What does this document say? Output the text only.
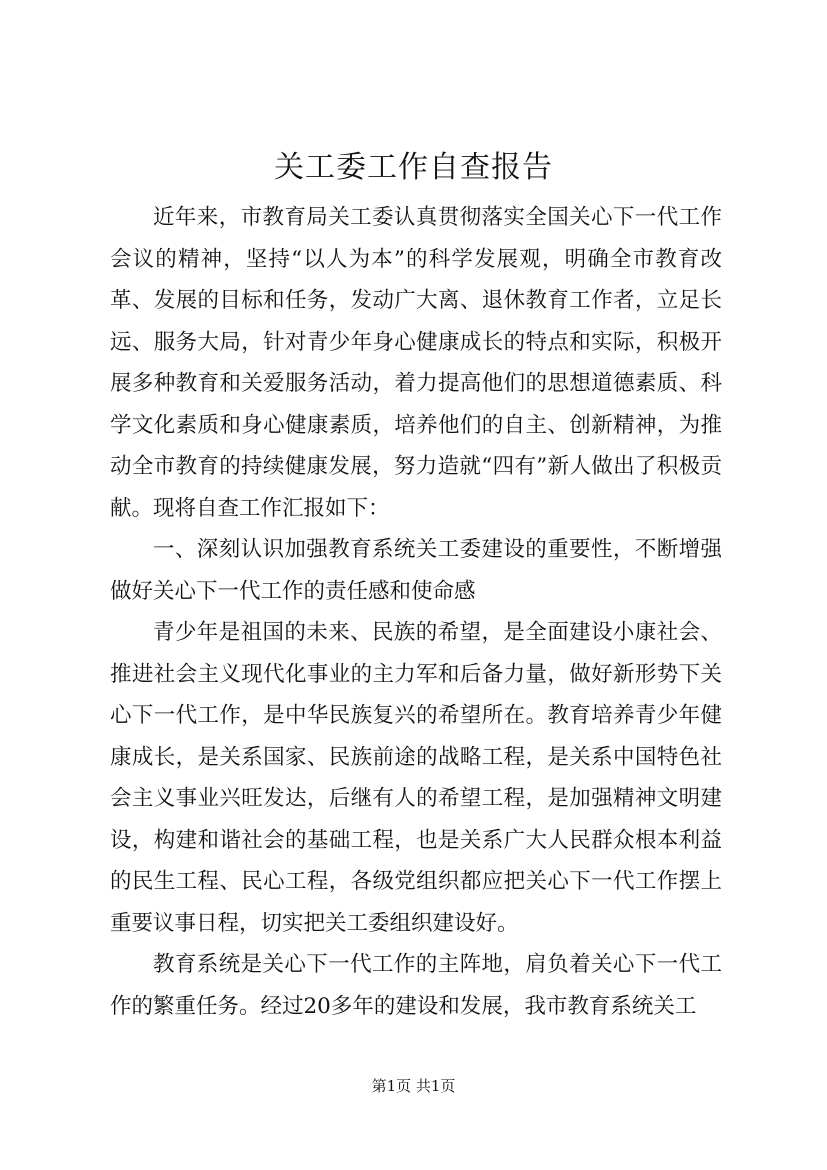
关工委工作自查报告

近年来，市教育局关工委认真贯彻落实全国关心下一代工作会议的精神，坚持“以人为本”的科学发展观，明确全市教育改革、发展的目标和任务，发动广大离、退休教育工作者，立足长远、服务大局，针对青少年身心健康成长的特点和实际，积极开展多种教育和关爱服务活动，着力提高他们的思想道德素质、科学文化素质和身心健康素质，培养他们的自主、创新精神，为推动全市教育的持续健康发展，努力造就“四有”新人做出了积极贡献。现将自查工作汇报如下：

一、深刻认识加强教育系统关工委建设的重要性，不断增强做好关心下一代工作的责任感和使命感

青少年是祖国的未来、民族的希望，是全面建设小康社会、推进社会主义现代化事业的主力军和后备力量，做好新形势下关心下一代工作，是中华民族复兴的希望所在。教育培养青少年健康成长，是关系国家、民族前途的战略工程，是关系中国特色社会主义事业兴旺发达，后继有人的希望工程，是加强精神文明建设，构建和谐社会的基础工程，也是关系广大人民群众根本利益的民生工程、民心工程，各级党组织都应把关心下一代工作摆上重要议事日程，切实把关工委组织建设好。

教育系统是关心下一代工作的主阵地，肩负着关心下一代工作的繁重任务。经过20多年的建设和发展，我市教育系统关工

第1页 共1页
